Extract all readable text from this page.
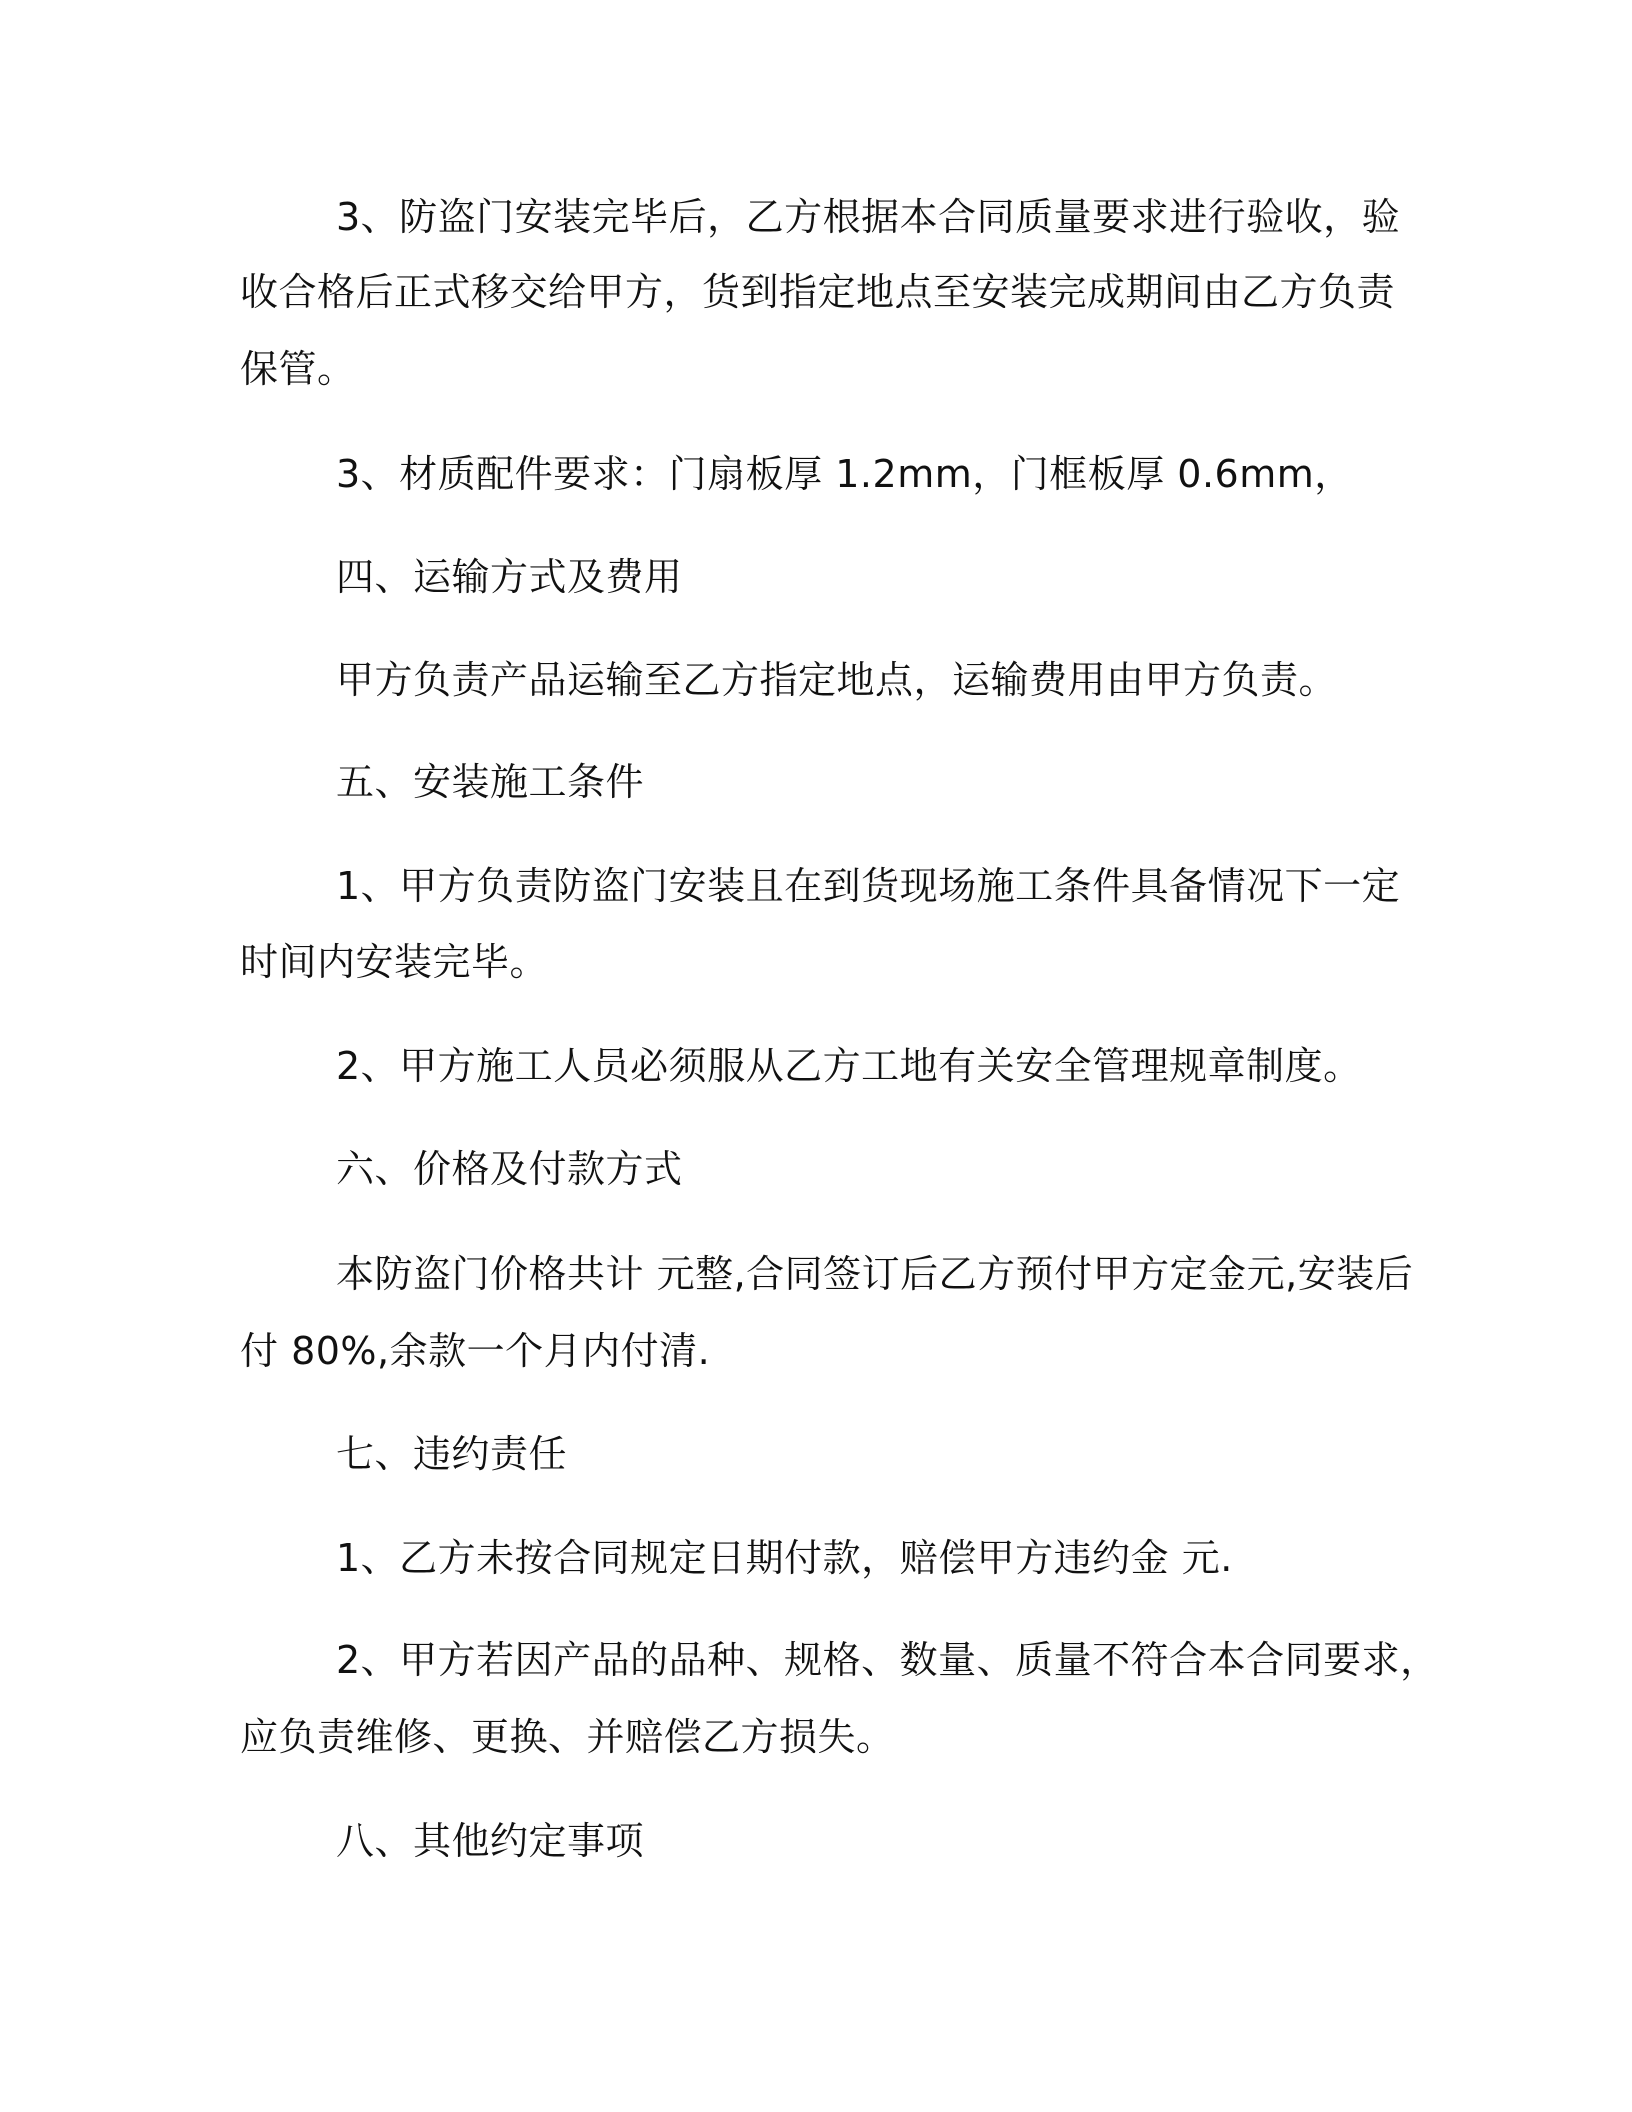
3、防盗门安装完毕后，乙方根据本合同质量要求进行验收，验
收合格后正式移交给甲方，货到指定地点至安装完成期间由乙方负责
保管。
3、材质配件要求：门扇板厚 1.2mm，门框板厚 0.6mm，
四、运输方式及费用
甲方负责产品运输至乙方指定地点，运输费用由甲方负责。
五、安装施工条件
1、甲方负责防盗门安装且在到货现场施工条件具备情况下一定
时间内安装完毕。
2、甲方施工人员必须服从乙方工地有关安全管理规章制度。
六、价格及付款方式
本防盗门价格共计 元整,合同签订后乙方预付甲方定金元,安装后
付 80%,余款一个月内付清.
七、违约责任
1、乙方未按合同规定日期付款，赔偿甲方违约金 元.
2、甲方若因产品的品种、规格、数量、质量不符合本合同要求，
应负责维修、更换、并赔偿乙方损失。
八、其他约定事项
